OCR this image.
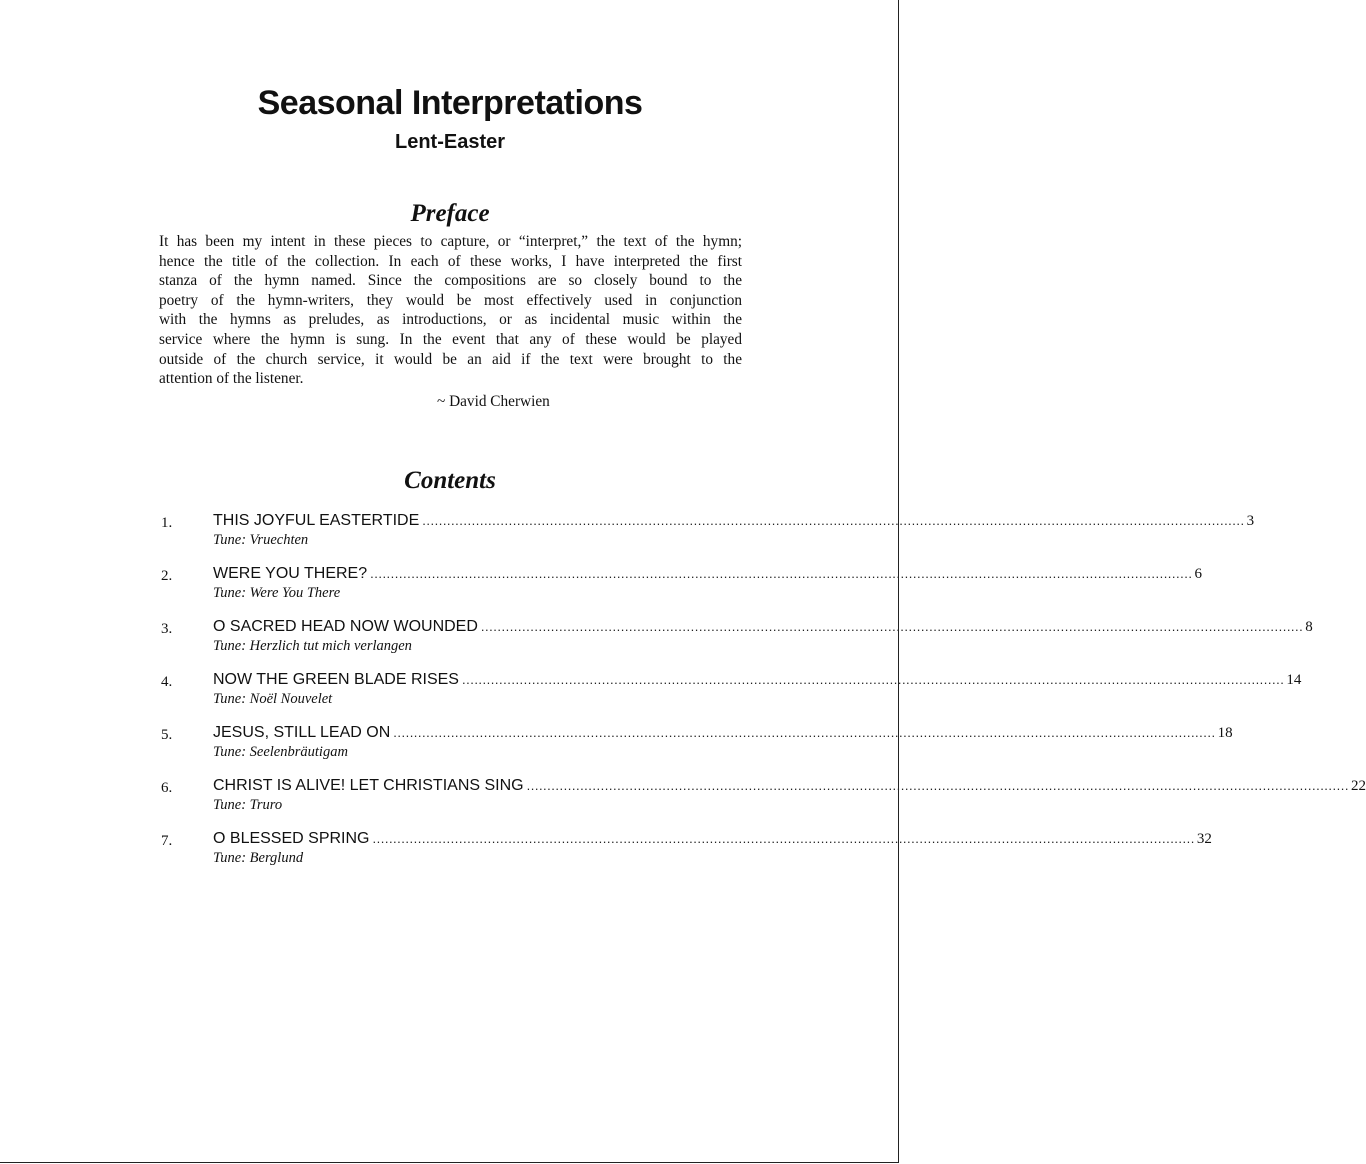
Seasonal Interpretations
Lent-Easter
Preface
It has been my intent in these pieces to capture, or “interpret,” the text of the hymn;
hence the title of the collection. In each of these works, I have interpreted the first
stanza of the hymn named. Since the compositions are so closely bound to the
poetry of the hymn-writers, they would be most effectively used in conjunction
with the hymns as preludes, as introductions, or as incidental music within the
service where the hymn is sung. In the event that any of these would be played
outside of the church service, it would be an aid if the text were brought to the
attention of the listener.
~ David Cherwien
Contents
1.	THIS JOYFUL EASTERTIDE ........................................................................................................................................................................................................ 3
Tune: Vruechten
2.	WERE YOU THERE? ........................................................................................................................................................................................................ 6
Tune: Were You There
3.	O SACRED HEAD NOW WOUNDED ........................................................................................................................................................................................................ 8
Tune: Herzlich tut mich verlangen
4.	NOW THE GREEN BLADE RISES ........................................................................................................................................................................................................ 14
Tune: Noël Nouvelet
5.	JESUS, STILL LEAD ON ........................................................................................................................................................................................................ 18
Tune: Seelenbräutigam
6.	CHRIST IS ALIVE! LET CHRISTIANS SING ........................................................................................................................................................................................................ 22
Tune: Truro
7.	O BLESSED SPRING ........................................................................................................................................................................................................ 32
Tune: Berglund
